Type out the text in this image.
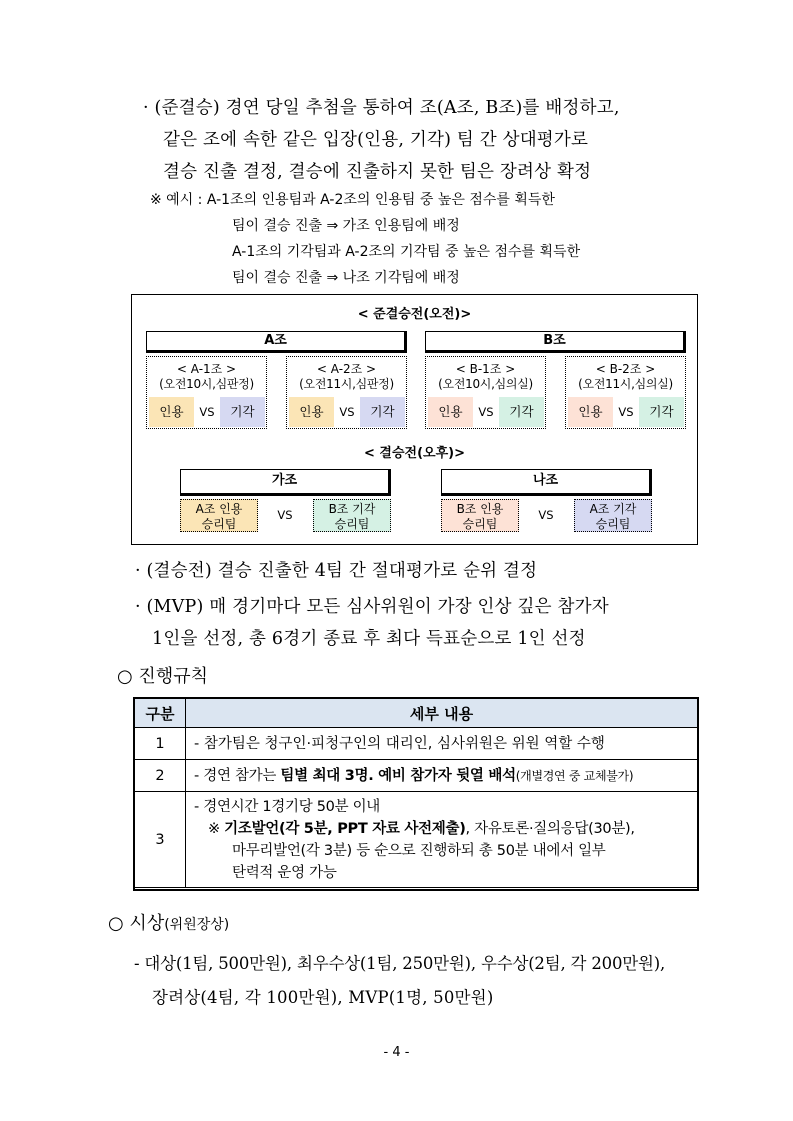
· (준결승) 경연 당일 추첨을 통하여 조(A조, B조)를 배정하고,
같은 조에 속한 같은 입장(인용, 기각) 팀 간 상대평가로
결승 진출 결정, 결승에 진출하지 못한 팀은 장려상 확정
※ 예시 : A-1조의 인용팀과 A-2조의 인용팀 중 높은 점수를 획득한
팀이 결승 진출 ⇒ 가조 인용팀에 배정
A-1조의 기각팀과 A-2조의 기각팀 중 높은 점수를 획득한
팀이 결승 진출 ⇒ 나조 기각팀에 배정
< 준결승전(오전)>
A조	B조
< A-1조 >
(오전10시,심판정)
인용	VS	기각
< A-2조 >
(오전11시,심판정)
인용	VS	기각
< B-1조 >
(오전10시,심의실)
인용	VS	기각
< B-2조 >
(오전11시,심의실)
인용	VS	기각
< 결승전(오후)>
가조
A조 인용
승리팀
VS	B조 기각
승리팀
나조
B조 인용
승리팀
VS	A조 기각
승리팀
· (결승전) 결승 진출한 4팀 간 절대평가로 순위 결정
· (MVP) 매 경기마다 모든 심사위원이 가장 인상 깊은 참가자
1인을 선정, 총 6경기 종료 후 최다 득표순으로 1인 선정
○ 진행규칙
구분	세부 내용
1	- 참가팀은 청구인·피청구인의 대리인, 심사위원은 위원 역할 수행
2	- 경연 참가는 팀별 최대 3명. 예비 참가자 뒷열 배석(개별경연 중 교체불가)
3	- 경연시간 1경기당 50분 이내
※ 기조발언(각 5분, PPT 자료 사전제출), 자유토론·질의응답(30분),
마무리발언(각 3분) 등 순으로 진행하되 총 50분 내에서 일부
탄력적 운영 가능
○ 시상(위원장상)
- 대상(1팀, 500만원), 최우수상(1팀, 250만원), 우수상(2팀, 각 200만원),
장려상(4팀, 각 100만원), MVP(1명, 50만원)
- 4 -
